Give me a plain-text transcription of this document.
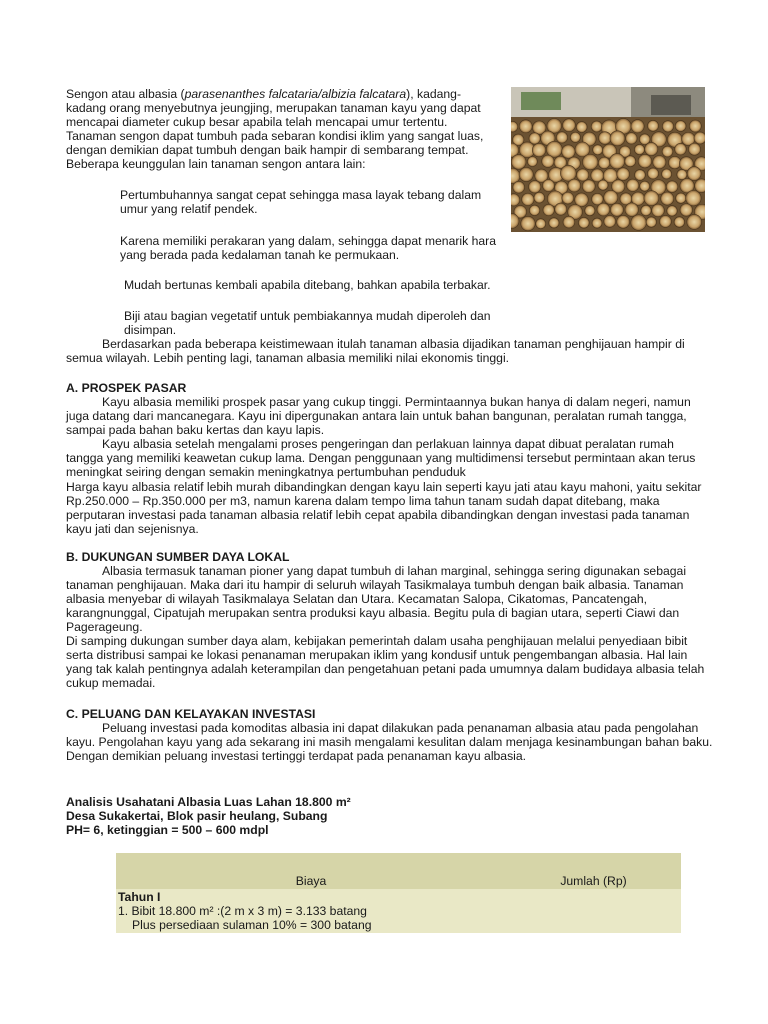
Sengon atau albasia (parasenanthes falcataria/albizia falcatara), kadang-
kadang orang menyebutnya jeungjing, merupakan tanaman kayu yang dapat
mencapai diameter cukup besar apabila telah mencapai umur tertentu.
Tanaman sengon dapat tumbuh pada sebaran kondisi iklim yang sangat luas,
dengan demikian dapat tumbuh dengan baik hampir di sembarang tempat.
Beberapa keunggulan lain tanaman sengon antara lain:
Pertumbuhannya sangat cepat sehingga masa layak tebang dalam
umur yang relatif pendek.
Karena memiliki perakaran yang dalam, sehingga dapat menarik hara
yang berada pada kedalaman tanah ke permukaan.
Mudah bertunas kembali apabila ditebang, bahkan apabila terbakar.
Biji atau bagian vegetatif untuk pembiakannya mudah diperoleh dan
disimpan.

Berdasarkan pada beberapa keistimewaan itulah tanaman albasia dijadikan tanaman penghijauan hampir di semua wilayah. Lebih penting lagi, tanaman albasia memiliki nilai ekonomis tinggi.

A. PROSPEK PASAR

Kayu albasia memiliki prospek pasar yang cukup tinggi. Permintaannya bukan hanya di dalam negeri, namun juga datang dari mancanegara. Kayu ini dipergunakan antara lain untuk bahan bangunan, peralatan rumah tangga, sampai pada bahan baku kertas dan kayu lapis.

Kayu albasia setelah mengalami proses pengeringan dan perlakuan lainnya dapat dibuat peralatan rumah tangga yang memiliki keawetan cukup lama. Dengan penggunaan yang multidimensi tersebut permintaan akan terus meningkat seiring dengan semakin meningkatnya pertumbuhan penduduk

Harga kayu albasia relatif lebih murah dibandingkan dengan kayu lain seperti kayu jati atau kayu mahoni, yaitu sekitar Rp.250.000 – Rp.350.000 per m3, namun karena dalam tempo lima tahun tanam sudah dapat ditebang, maka perputaran investasi pada tanaman albasia relatif lebih cepat apabila dibandingkan dengan investasi pada tanaman kayu jati dan sejenisnya.

B. DUKUNGAN SUMBER DAYA LOKAL

Albasia termasuk tanaman pioner yang dapat tumbuh di lahan marginal, sehingga sering digunakan sebagai tanaman penghijauan. Maka dari itu hampir di seluruh wilayah Tasikmalaya tumbuh dengan baik albasia. Tanaman albasia menyebar di wilayah Tasikmalaya Selatan dan Utara. Kecamatan Salopa, Cikatomas, Pancatengah, karangnunggal, Cipatujah merupakan sentra produksi kayu albasia. Begitu pula di bagian utara, seperti Ciawi dan Pagerageung.

Di samping dukungan sumber daya alam, kebijakan pemerintah dalam usaha penghijauan melalui penyediaan bibit serta distribusi sampai ke lokasi penanaman merupakan iklim yang kondusif untuk pengembangan albasia. Hal lain yang tak kalah pentingnya adalah keterampilan dan pengetahuan petani pada umumnya dalam budidaya albasia telah cukup memadai.

C. PELUANG DAN KELAYAKAN INVESTASI

Peluang investasi pada komoditas albasia ini dapat dilakukan pada penanaman albasia atau pada pengolahan kayu. Pengolahan kayu yang ada sekarang ini masih mengalami kesulitan dalam menjaga kesinambungan bahan baku. Dengan demikian peluang investasi tertinggi terdapat pada penanaman kayu albasia.

Analisis Usahatani Albasia Luas Lahan 18.800 m²
Desa Sukakertai, Blok pasir heulang, Subang
PH= 6, ketinggian = 500 – 600 mdpl
Biaya	Jumlah (Rp)

Tahun I
1. Bibit 18.800 m² :(2 m x 3 m) = 3.133 batang
Plus persediaan sulaman 10% = 300 batang	
